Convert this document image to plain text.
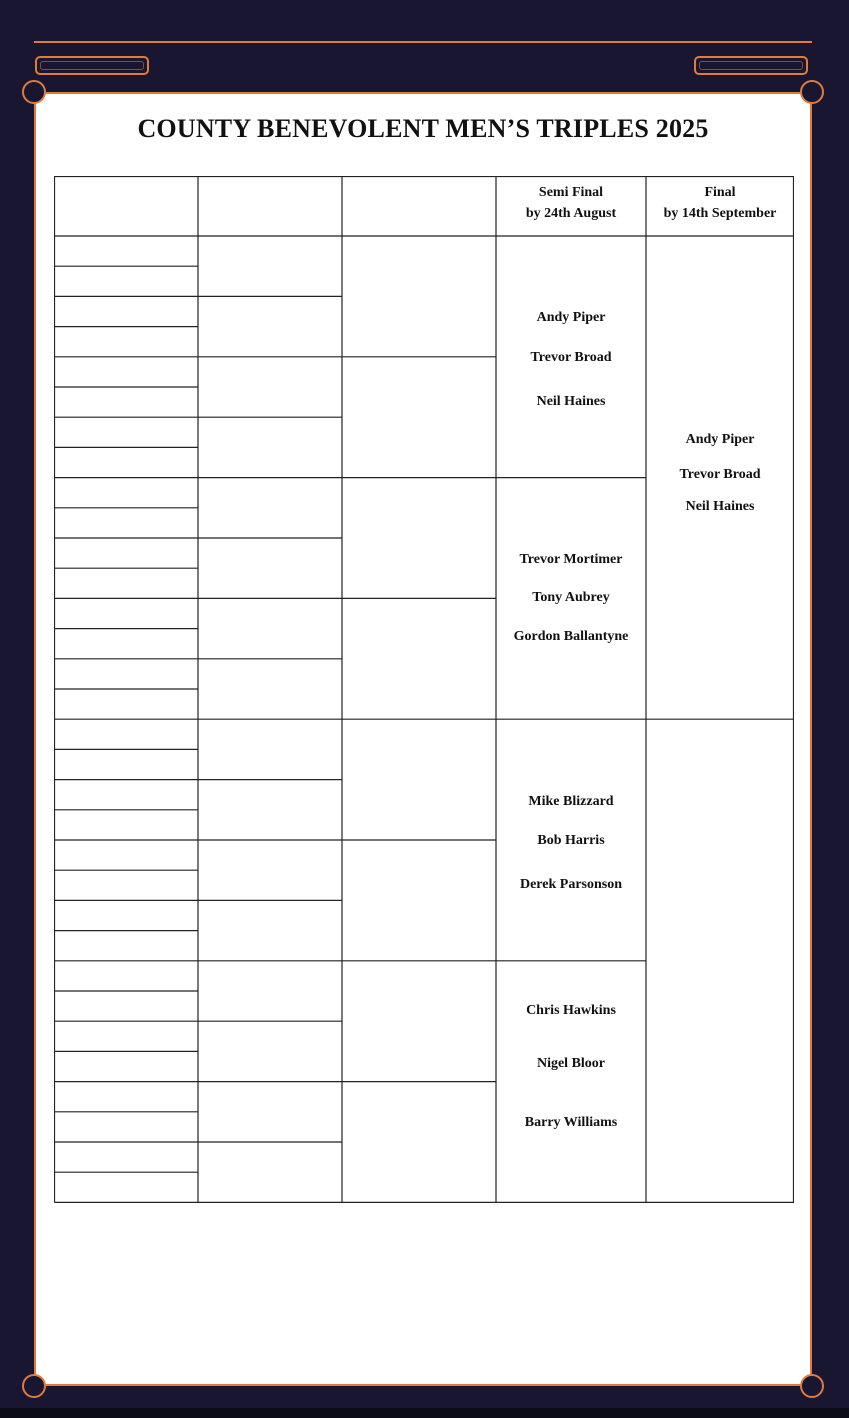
COUNTY BENEVOLENT MEN’S TRIPLES 2025
Semi Final
by 24th August
Final
by 14th September
Andy Piper
Trevor Broad
Neil Haines
Trevor Mortimer
Tony Aubrey
Gordon Ballantyne
Mike Blizzard
Bob Harris
Derek Parsonson
Chris Hawkins
Nigel Bloor
Barry Williams
Andy Piper
Trevor Broad
Neil Haines
